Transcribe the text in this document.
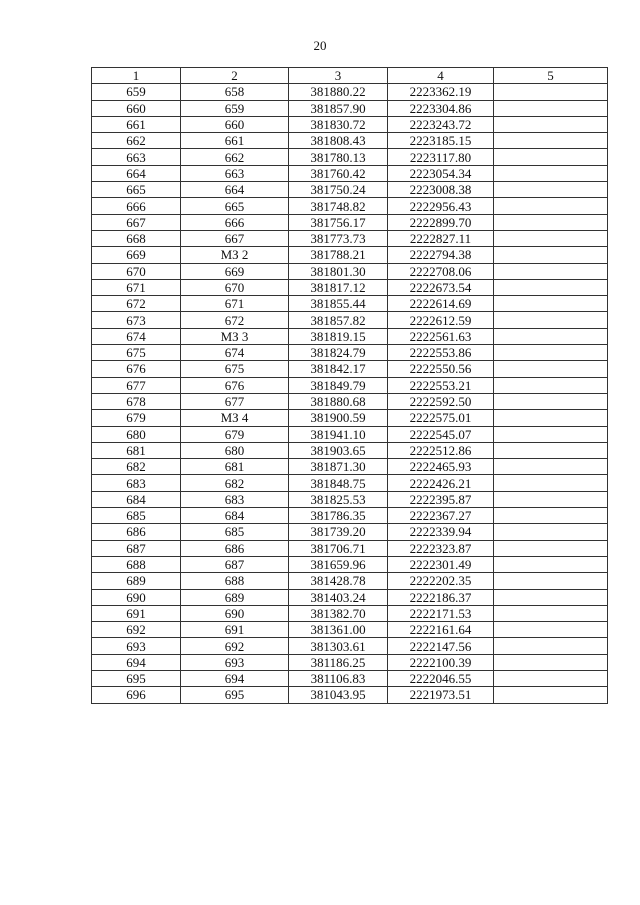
20
1	2	3	4	5
659	658	381880.22	2223362.19	
660	659	381857.90	2223304.86	
661	660	381830.72	2223243.72	
662	661	381808.43	2223185.15	
663	662	381780.13	2223117.80	
664	663	381760.42	2223054.34	
665	664	381750.24	2223008.38	
666	665	381748.82	2222956.43	
667	666	381756.17	2222899.70	
668	667	381773.73	2222827.11	
669	МЗ 2	381788.21	2222794.38	
670	669	381801.30	2222708.06	
671	670	381817.12	2222673.54	
672	671	381855.44	2222614.69	
673	672	381857.82	2222612.59	
674	МЗ 3	381819.15	2222561.63	
675	674	381824.79	2222553.86	
676	675	381842.17	2222550.56	
677	676	381849.79	2222553.21	
678	677	381880.68	2222592.50	
679	МЗ 4	381900.59	2222575.01	
680	679	381941.10	2222545.07	
681	680	381903.65	2222512.86	
682	681	381871.30	2222465.93	
683	682	381848.75	2222426.21	
684	683	381825.53	2222395.87	
685	684	381786.35	2222367.27	
686	685	381739.20	2222339.94	
687	686	381706.71	2222323.87	
688	687	381659.96	2222301.49	
689	688	381428.78	2222202.35	
690	689	381403.24	2222186.37	
691	690	381382.70	2222171.53	
692	691	381361.00	2222161.64	
693	692	381303.61	2222147.56	
694	693	381186.25	2222100.39	
695	694	381106.83	2222046.55	
696	695	381043.95	2221973.51	
